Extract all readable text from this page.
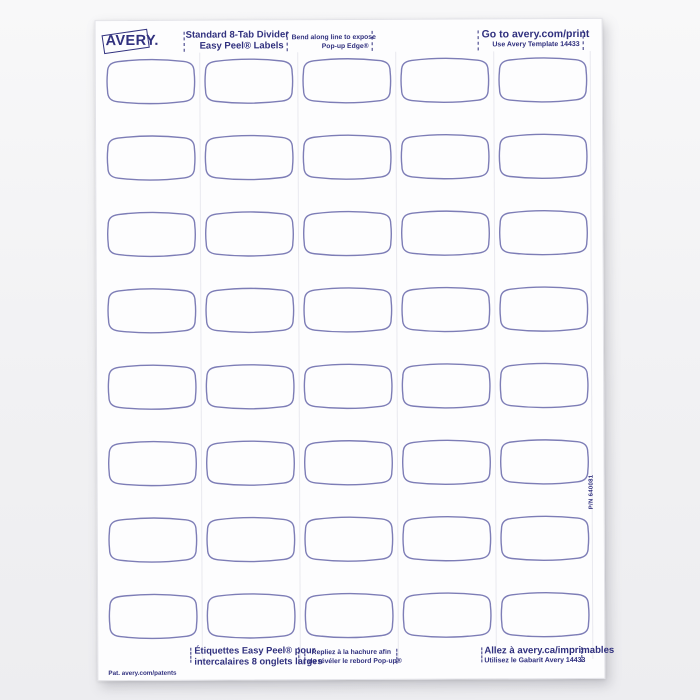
AVERY.	Standard 8-Tab Divider
Easy Peel® Labels
Bend along line to expose
Pop-up Edge®
Go to avery.com/print
Use Avery Template 14433
P/N 640081
Pat. avery.com/patents
Étiquettes Easy Peel® pour
intercalaires 8 onglets larges
Repliez à la hachure afin
de révéler le rebord Pop-up®
Allez à avery.ca/imprimables
Utilisez le Gabarit Avery 14433
